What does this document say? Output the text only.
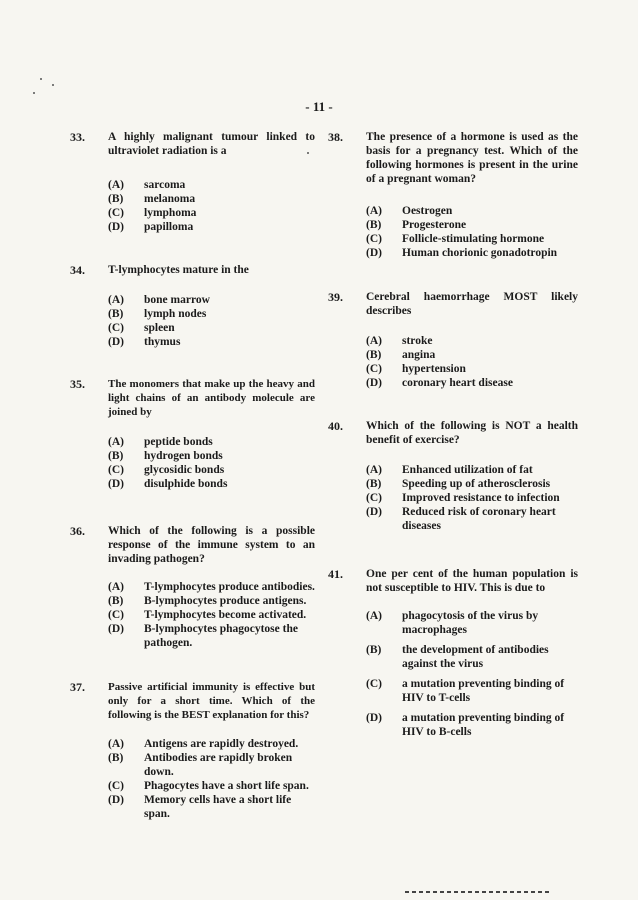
- 11 -
33. A highly malignant tumour linked to ultraviolet radiation is a
(A) sarcoma
(B) melanoma
(C) lymphoma
(D) papilloma
34. T-lymphocytes mature in the
(A) bone marrow
(B) lymph nodes
(C) spleen
(D) thymus
35. The monomers that make up the heavy and light chains of an antibody molecule are joined by
(A) peptide bonds
(B) hydrogen bonds
(C) glycosidic bonds
(D) disulphide bonds
36. Which of the following is a possible response of the immune system to an invading pathogen?
(A) T-lymphocytes produce antibodies.
(B) B-lymphocytes produce antigens.
(C) T-lymphocytes become activated.
(D) B-lymphocytes phagocytose the pathogen.
37. Passive artificial immunity is effective but only for a short time. Which of the following is the BEST explanation for this?
(A) Antigens are rapidly destroyed.
(B) Antibodies are rapidly broken down.
(C) Phagocytes have a short life span.
(D) Memory cells have a short life span.
38. The presence of a hormone is used as the basis for a pregnancy test. Which of the following hormones is present in the urine of a pregnant woman?
(A) Oestrogen
(B) Progesterone
(C) Follicle-stimulating hormone
(D) Human chorionic gonadotropin
39. Cerebral haemorrhage MOST likely describes
(A) stroke
(B) angina
(C) hypertension
(D) coronary heart disease
40. Which of the following is NOT a health benefit of exercise?
(A) Enhanced utilization of fat
(B) Speeding up of atherosclerosis
(C) Improved resistance to infection
(D) Reduced risk of coronary heart diseases
41. One per cent of the human population is not susceptible to HIV. This is due to
(A) phagocytosis of the virus by macrophages
(B) the development of antibodies against the virus
(C) a mutation preventing binding of HIV to T-cells
(D) a mutation preventing binding of HIV to B-cells
